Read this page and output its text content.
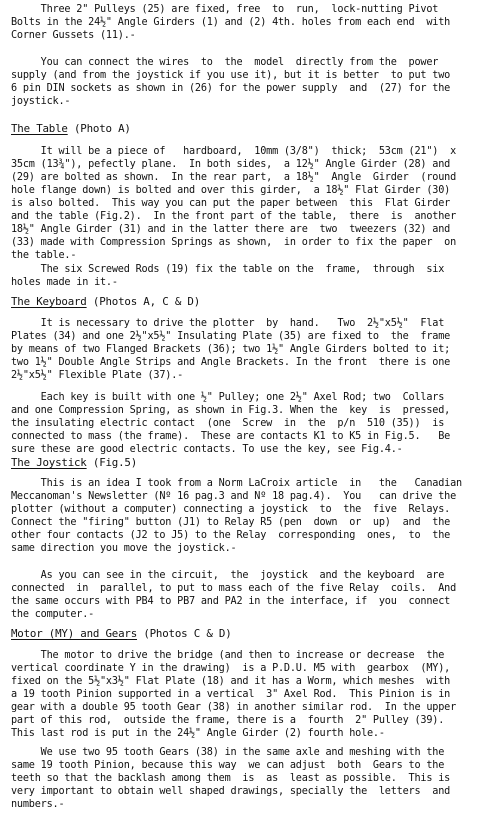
Three 2" Pulleys (25) are fixed, free  to  run,  lock-nutting Pivot
Bolts in the 24½" Angle Girders (1) and (2) 4th. holes from each end  with
Corner Gussets (11).-
You can connect the wires  to  the  model  directly from the  power
supply (and from the joystick if you use it), but it is better  to put two
6 pin DIN sockets as shown in (26) for the power supply  and  (27) for the
joystick.-
The Table (Photo A)
It will be a piece of   hardboard,  10mm (3/8")  thick;  53cm (21")  x
35cm (13¾"), pefectly plane.  In both sides,  a 12½" Angle Girder (28) and
(29) are bolted as shown.  In the rear part,  a 18½"  Angle  Girder  (round
hole flange down) is bolted and over this girder,  a 18½" Flat Girder (30)
is also bolted.  This way you can put the paper between  this  Flat Girder
and the table (Fig.2).  In the front part of the table,  there  is  another
18½" Angle Girder (31) and in the latter there are  two  tweezers (32) and
(33) made with Compression Springs as shown,  in order to fix the paper  on
the table.-
The six Screwed Rods (19) fix the table on the  frame,  through  six
holes made in it.-
The Keyboard (Photos A, C & D)
It is necessary to drive the plotter  by  hand.   Two  2½"x5½"  Flat
Plates (34) and one 2½"x5½" Insulating Plate (35) are fixed to  the  frame
by means of two Flanged Brackets (36); two 1½" Angle Girders bolted to it;
two 1½" Double Angle Strips and Angle Brackets. In the front  there is one
2½"x5½" Flexible Plate (37).-
Each key is built with one ½" Pulley; one 2½" Axel Rod; two  Collars
and one Compression Spring, as shown in Fig.3. When the  key  is  pressed,
the insulating electric contact  (one  Screw  in  the  p/n  510 (35))  is
connected to mass (the frame).  These are contacts K1 to K5 in Fig.5.   Be
sure these are good electric contacts. To use the key, see Fig.4.-
The Joystick (Fig.5)
This is an idea I took from a Norm LaCroix article  in   the   Canadian
Meccanoman's Newsletter (Nº 16 pag.3 and Nº 18 pag.4).  You   can drive the
plotter (without a computer) connecting a joystick  to  the  five  Relays.
Connect the "firing" button (J1) to Relay R5 (pen  down  or  up)  and  the
other four contacts (J2 to J5) to the Relay  corresponding  ones,  to  the
same direction you move the joystick.-
As you can see in the circuit,  the  joystick  and the keyboard  are
connected  in  parallel, to put to mass each of the five Relay  coils.  And
the same occurs with PB4 to PB7 and PA2 in the interface, if  you  connect
the computer.-
Motor (MY) and Gears (Photos C & D)
The motor to drive the bridge (and then to increase or decrease  the
vertical coordinate Y in the drawing)  is a P.D.U. M5 with  gearbox  (MY),
fixed on the 5½"x3½" Flat Plate (18) and it has a Worm, which meshes  with
a 19 tooth Pinion supported in a vertical  3" Axel Rod.  This Pinion is in
gear with a double 95 tooth Gear (38) in another similar rod.  In the upper
part of this rod,  outside the frame, there is a  fourth  2" Pulley (39).
This last rod is put in the 24½" Angle Girder (2) fourth hole.-
We use two 95 tooth Gears (38) in the same axle and meshing with the
same 19 tooth Pinion, because this way  we can adjust  both  Gears to the
teeth so that the backlash among them  is  as  least as possible.  This is
very important to obtain well shaped drawings, specially the  letters  and
numbers.-
